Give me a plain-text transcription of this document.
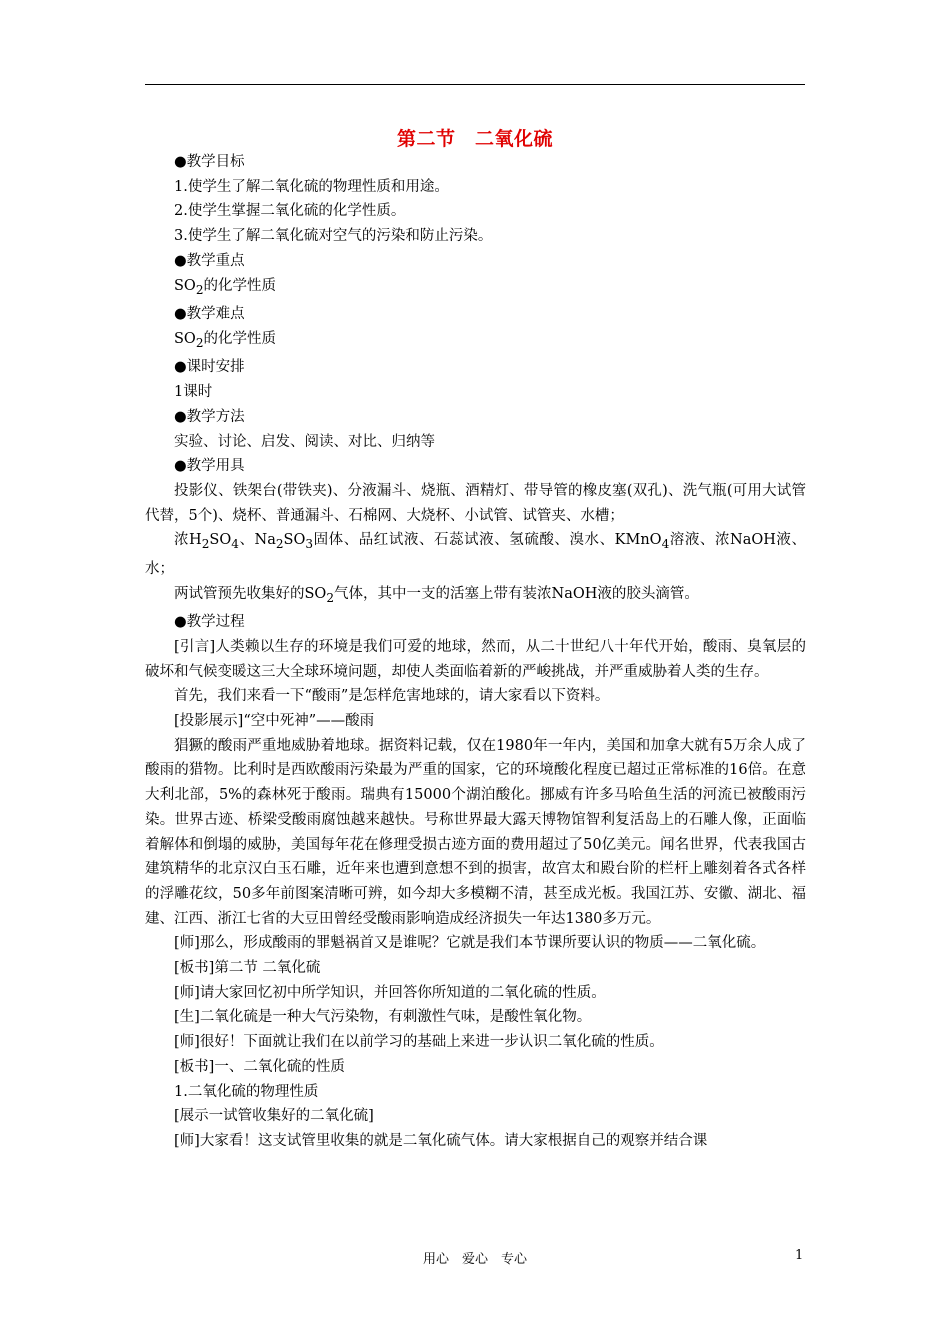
第二节　二氧化硫

●教学目标

1.使学生了解二氧化硫的物理性质和用途。

2.使学生掌握二氧化硫的化学性质。

3.使学生了解二氧化硫对空气的污染和防止污染。

●教学重点

$SO_2$的化学性质

●教学难点

$SO_2$的化学性质

●课时安排

1课时

●教学方法

实验、讨论、启发、阅读、对比、归纳等

●教学用具

投影仪、铁架台(带铁夹)、分液漏斗、烧瓶、酒精灯、带导管的橡皮塞(双孔)、洗气瓶(可用大试管代替，5个)、烧杯、普通漏斗、石棉网、大烧杯、小试管、试管夹、水槽；

浓$H_2SO_4$、$Na_2SO_3$固体、品红试液、石蕊试液、氢硫酸、溴水、KMnO$_4$溶液、浓NaOH液、水；

两试管预先收集好的$SO_2$气体，其中一支的活塞上带有装浓NaOH液的胶头滴管。

●教学过程

[引言]人类赖以生存的环境是我们可爱的地球，然而，从二十世纪八十年代开始，酸雨、臭氧层的破坏和气候变暖这三大全球环境问题，却使人类面临着新的严峻挑战，并严重威胁着人类的生存。

首先，我们来看一下“酸雨”是怎样危害地球的，请大家看以下资料。

[投影展示]“空中死神”——酸雨

猖獗的酸雨严重地威胁着地球。据资料记载，仅在1980年一年内，美国和加拿大就有5万余人成了酸雨的猎物。比利时是西欧酸雨污染最为严重的国家，它的环境酸化程度已超过正常标准的16倍。在意大利北部，5%的森林死于酸雨。瑞典有15000个湖泊酸化。挪威有许多马哈鱼生活的河流已被酸雨污染。世界古迹、桥梁受酸雨腐蚀越来越快。号称世界最大露天博物馆智利复活岛上的石雕人像，正面临着解体和倒塌的威胁，美国每年花在修理受损古迹方面的费用超过了50亿美元。闻名世界，代表我国古建筑精华的北京汉白玉石雕，近年来也遭到意想不到的损害，故宫太和殿台阶的栏杆上雕刻着各式各样的浮雕花纹，50多年前图案清晰可辨，如今却大多模糊不清，甚至成光板。我国江苏、安徽、湖北、福建、江西、浙江七省的大豆田曾经受酸雨影响造成经济损失一年达1380多万元。

[师]那么，形成酸雨的罪魁祸首又是谁呢？它就是我们本节课所要认识的物质——二氧化硫。

[板书]第二节 二氧化硫

[师]请大家回忆初中所学知识，并回答你所知道的二氧化硫的性质。

[生]二氧化硫是一种大气污染物，有刺激性气味，是酸性氧化物。

[师]很好！下面就让我们在以前学习的基础上来进一步认识二氧化硫的性质。

[板书]一、二氧化硫的性质

1.二氧化硫的物理性质

[展示一试管收集好的二氧化硫]

[师]大家看！这支试管里收集的就是二氧化硫气体。请大家根据自己的观察并结合课

用心　爱心　专心	1
